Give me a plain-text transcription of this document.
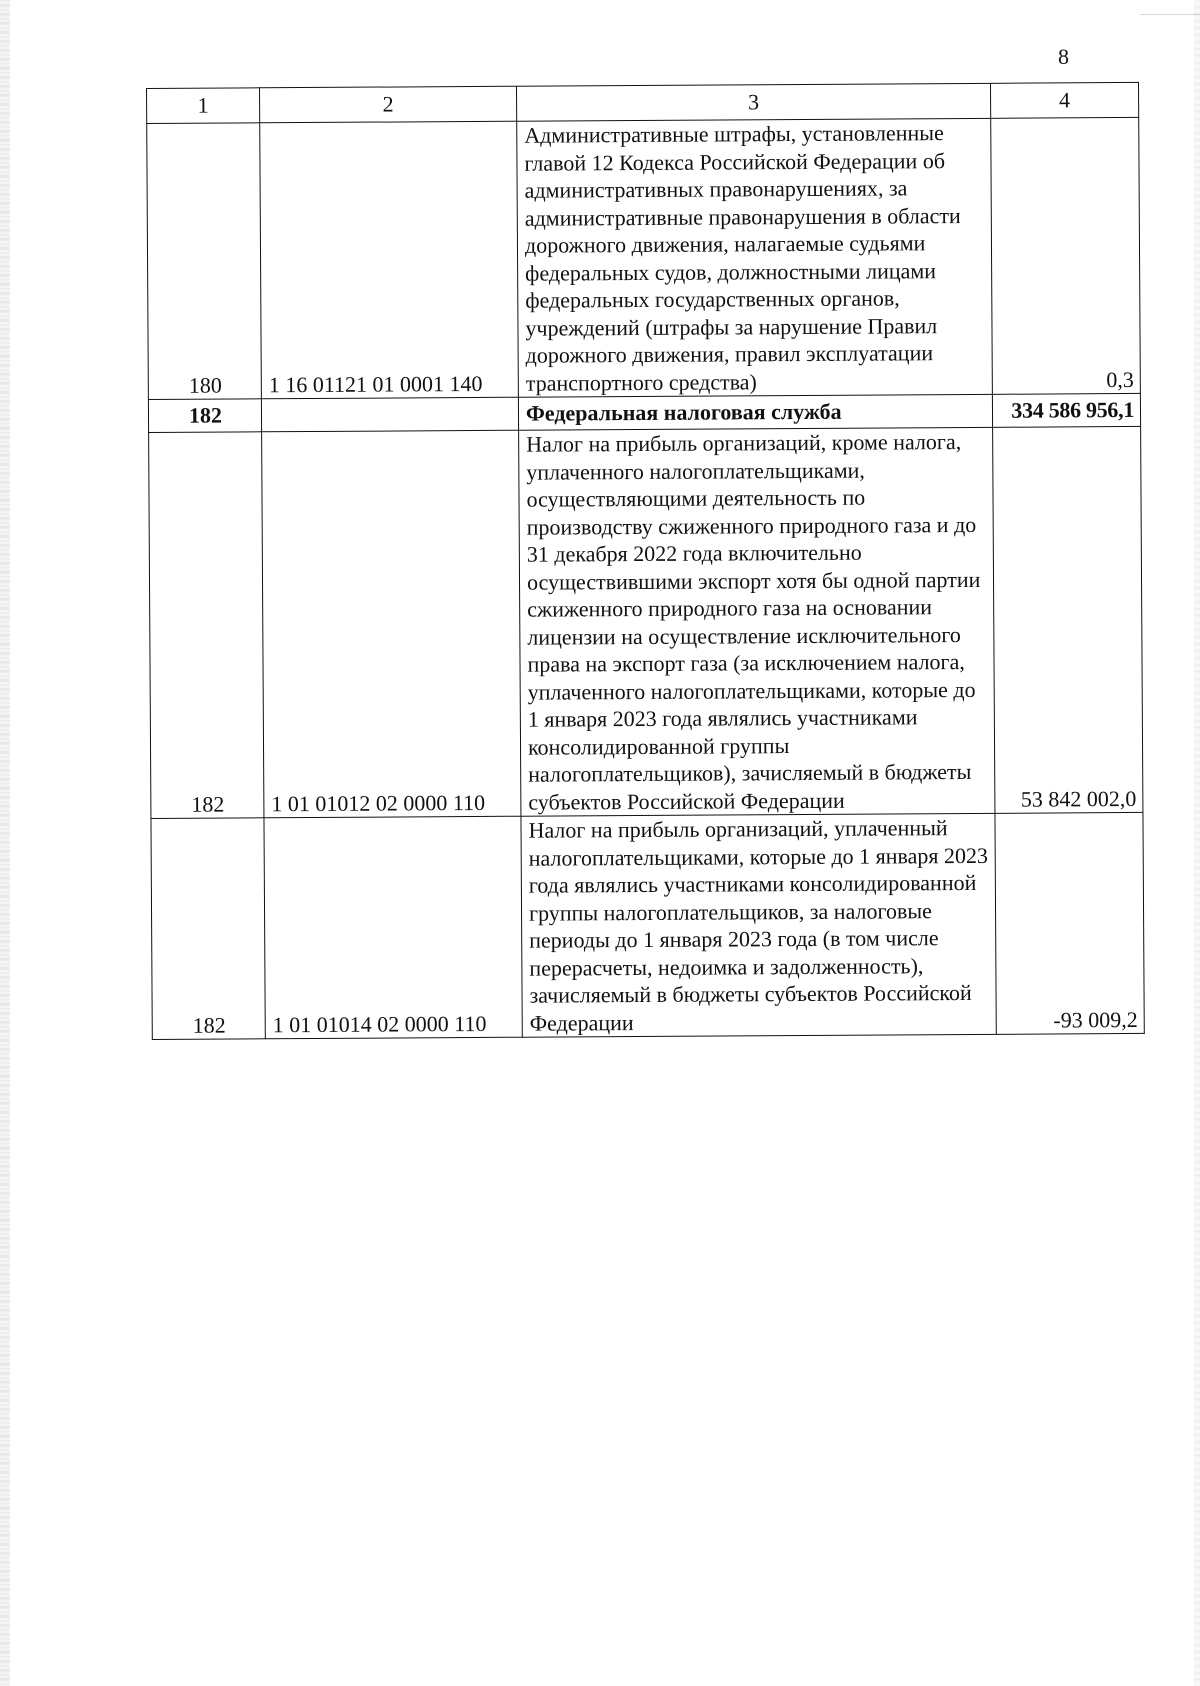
8
1	2	3	4
180	1 16 01121 01 0001 140	Административные штрафы, установленные главой 12 Кодекса Российской Федерации об административных правонарушениях, за административные правонарушения в области дорожного движения, налагаемые судьями федеральных судов, должностными лицами федеральных государственных органов, учреждений (штрафы за нарушение Правил дорожного движения, правил эксплуатации транспортного средства)	0,3
182		Федеральная налоговая служба	334 586 956,1
182	1 01 01012 02 0000 110	Налог на прибыль организаций, кроме налога, уплаченного налогоплательщиками, осуществляющими деятельность по производству сжиженного природного газа и до 31 декабря 2022 года включительно осуществившими экспорт хотя бы одной партии сжиженного природного газа на основании лицензии на осуществление исключительного права на экспорт газа (за исключением налога, уплаченного налогоплательщиками, которые до 1 января 2023 года являлись участниками консолидированной группы налогоплательщиков), зачисляемый в бюджеты субъектов Российской Федерации	53 842 002,0
182	1 01 01014 02 0000 110	Налог на прибыль организаций, уплаченный налогоплательщиками, которые до 1 января 2023 года являлись участниками консолидированной группы налогоплательщиков, за налоговые периоды до 1 января 2023 года (в том числе перерасчеты, недоимка и задолженность), зачисляемый в бюджеты субъектов Российской Федерации	-93 009,2
